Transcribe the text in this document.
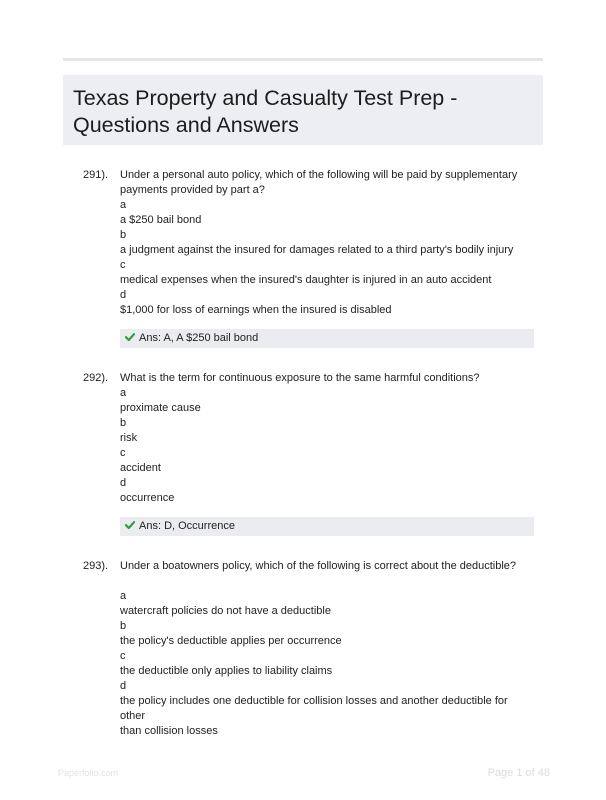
Texas Property and Casualty Test Prep -
Questions and Answers
291). Under a personal auto policy, which of the following will be paid by supplementary
payments provided by part a?
a
a $250 bail bond
b
a judgment against the insured for damages related to a third party's bodily injury
c
medical expenses when the insured's daughter is injured in an auto accident
d
$1,000 for loss of earnings when the insured is disabled
Ans: A, A $250 bail bond
292). What is the term for continuous exposure to the same harmful conditions?
a
proximate cause
b
risk
c
accident
d
occurrence
Ans: D, Occurrence
293). Under a boatowners policy, which of the following is correct about the deductible?
a
watercraft policies do not have a deductible
b
the policy's deductible applies per occurrence
c
the deductible only applies to liability claims
d
the policy includes one deductible for collision losses and another deductible for other
than collision losses
Paperfolio.com	Page 1 of 48
